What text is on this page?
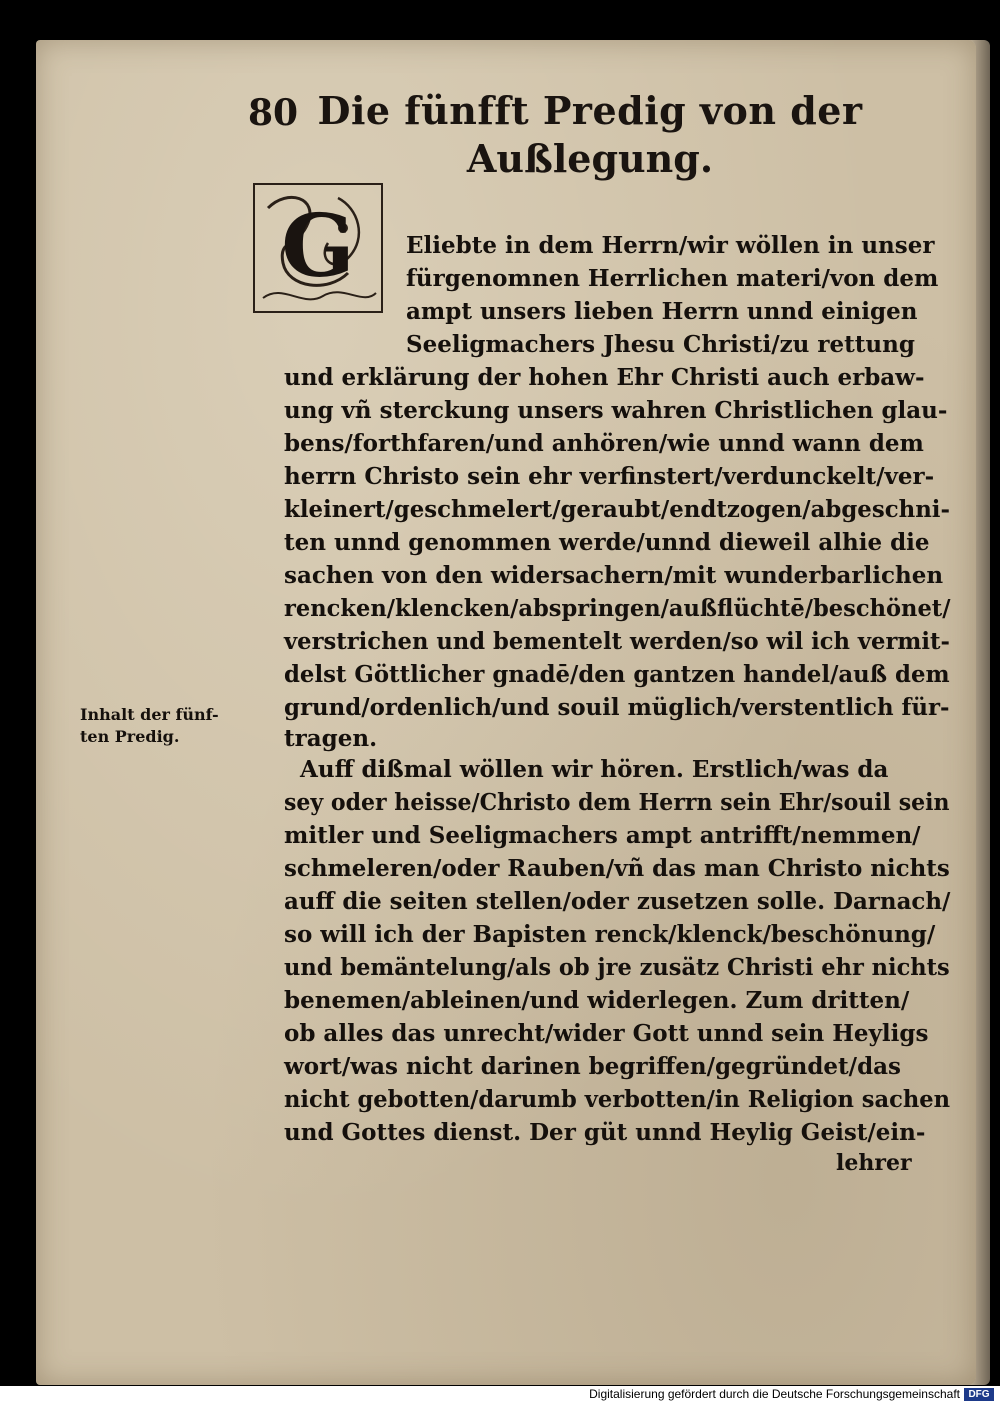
80 Die fünfft Predig von der
Außlegung.
G Eliebte in dem Herrn/wir wöllen in unser
fürgenomnen Herrlichen materi/von dem
ampt unsers lieben Herrn unnd einigen
Seeligmachers Jhesu Christi/zu rettung
und erklärung der hohen Ehr Christi auch erbaw-
ung vñ sterckung unsers wahren Christlichen glau-
bens/forthfaren/und anhören/wie unnd wann dem
herrn Christo sein ehr verfinstert/verdunckelt/ver-
kleinert/geschmelert/geraubt/endtzogen/abgeschni-
ten unnd genommen werde/unnd dieweil alhie die
sachen von den widersachern/mit wunderbarlichen
rencken/klencken/abspringen/außflüchtē/beschönet/
verstrichen und bementelt werden/so wil ich vermit-
delst Göttlicher gnadē/den gantzen handel/auß dem
grund/ordenlich/und souil müglich/verstentlich für-
tragen.
Auff dißmal wöllen wir hören. Erstlich/was da
sey oder heisse/Christo dem Herrn sein Ehr/souil sein
mitler und Seeligmachers ampt antrifft/nemmen/
schmeleren/oder Rauben/vñ das man Christo nichts
auff die seiten stellen/oder zusetzen solle. Darnach/
so will ich der Bapisten renck/klenck/beschönung/
und bemäntelung/als ob jre zusätz Christi ehr nichts
benemen/ableinen/und widerlegen. Zum dritten/
ob alles das unrecht/wider Gott unnd sein Heyligs
wort/was nicht darinen begriffen/gegründet/das
nicht gebotten/darumb verbotten/in Religion sachen
und Gottes dienst. Der güt unnd Heylig Geist/ein-
Inhalt der fünf-
ten Predig.
lehrer
Digitalisierung gefördert durch die Deutsche Forschungsgemeinschaft DFG
